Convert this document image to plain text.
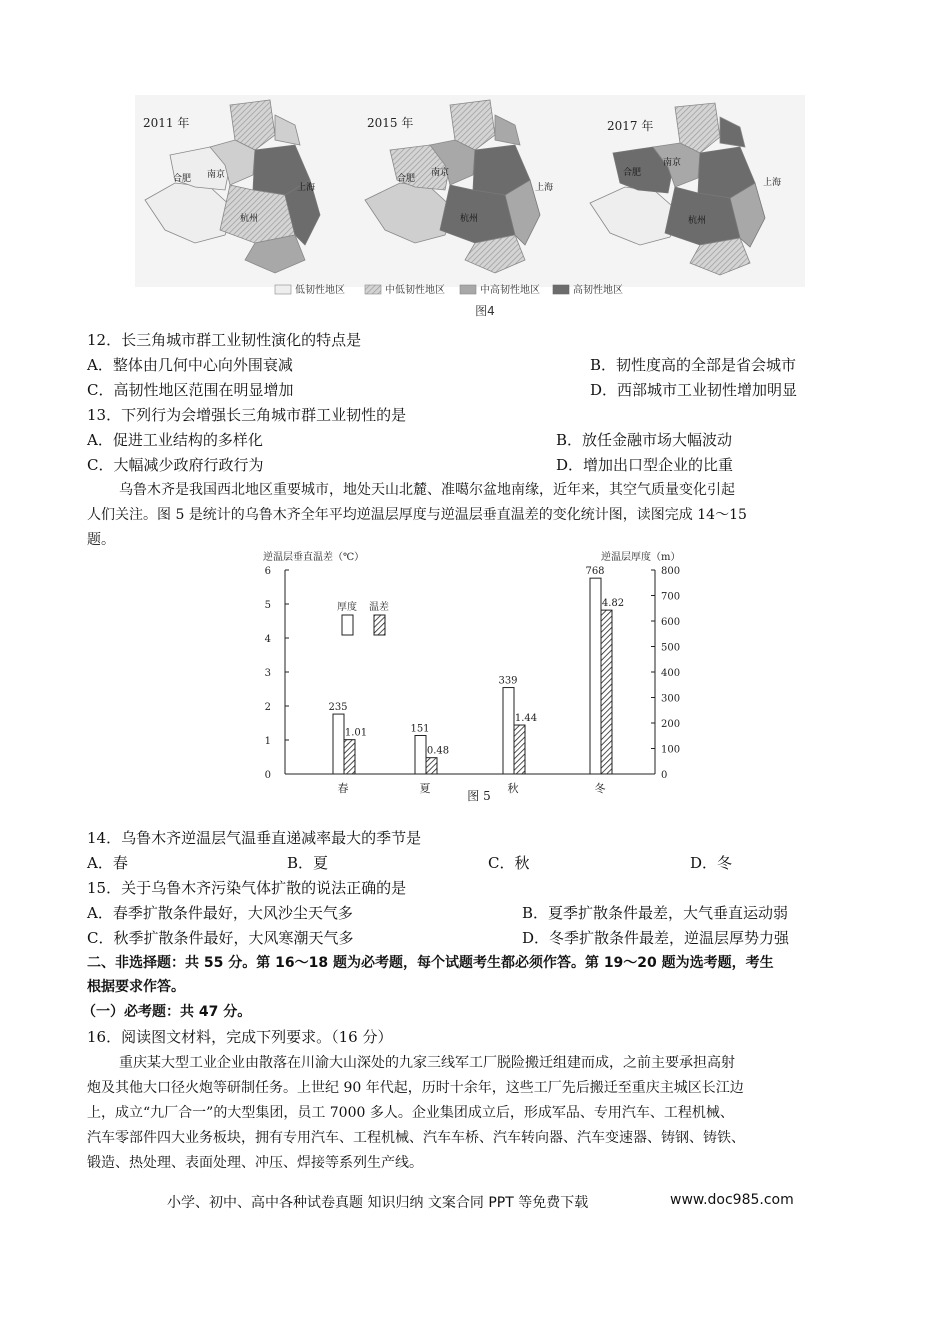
2011 年
合肥 南京
上海
杭州
2015 年
合肥
南京
上海
杭州
2017 年
合肥
南京
上海
杭州
低韧性地区	中低韧性地区	中高韧性地区	高韧性地区
图4
12．长三角城市群工业韧性演化的特点是
A．整体由几何中心向外围衰减	B．韧性度高的全部是省会城市
C．高韧性地区范围在明显增加	D．西部城市工业韧性增加明显
13．下列行为会增强长三角城市群工业韧性的是
A．促进工业结构的多样化	B．放任金融市场大幅波动
C．大幅减少政府行政行为	D．增加出口型企业的比重
乌鲁木齐是我国西北地区重要城市，地处天山北麓、准噶尔盆地南缘，近年来，其空气质量变化引起
人们关注。图 5 是统计的乌鲁木齐全年平均逆温层厚度与逆温层垂直温差的变化统计图，读图完成 14～15
题。
逆温层垂直温差（℃）	逆温层厚度（m）
0
1
2
3
4
5
6
0
100
200
300
400
500
600
700
800
235
1.01
春
151
0.48
夏
339
1.44
秋
768
4.82
冬
厚度 温差
图 5
14．乌鲁木齐逆温层气温垂直递减率最大的季节是
A．春	B．夏	C．秋	D．冬
15．关于乌鲁木齐污染气体扩散的说法正确的是
A．春季扩散条件最好，大风沙尘天气多	B．夏季扩散条件最差，大气垂直运动弱
C．秋季扩散条件最好，大风寒潮天气多	D．冬季扩散条件最差，逆温层厚势力强
二、非选择题：共 55 分。第 16～18 题为必考题，每个试题考生都必须作答。第 19～20 题为选考题，考生
根据要求作答。
（一）必考题：共 47 分。
16．阅读图文材料，完成下列要求。（16 分）
重庆某大型工业企业由散落在川渝大山深处的九家三线军工厂脱险搬迁组建而成，之前主要承担高射
炮及其他大口径火炮等研制任务。上世纪 90 年代起，历时十余年，这些工厂先后搬迁至重庆主城区长江边
上，成立“九厂合一”的大型集团，员工 7000 多人。企业集团成立后，形成军品、专用汽车、工程机械、
汽车零部件四大业务板块，拥有专用汽车、工程机械、汽车车桥、汽车转向器、汽车变速器、铸钢、铸铁、
锻造、热处理、表面处理、冲压、焊接等系列生产线。
小学、初中、高中各种试卷真题 知识归纳 文案合同 PPT 等免费下载	www.doc985.com
